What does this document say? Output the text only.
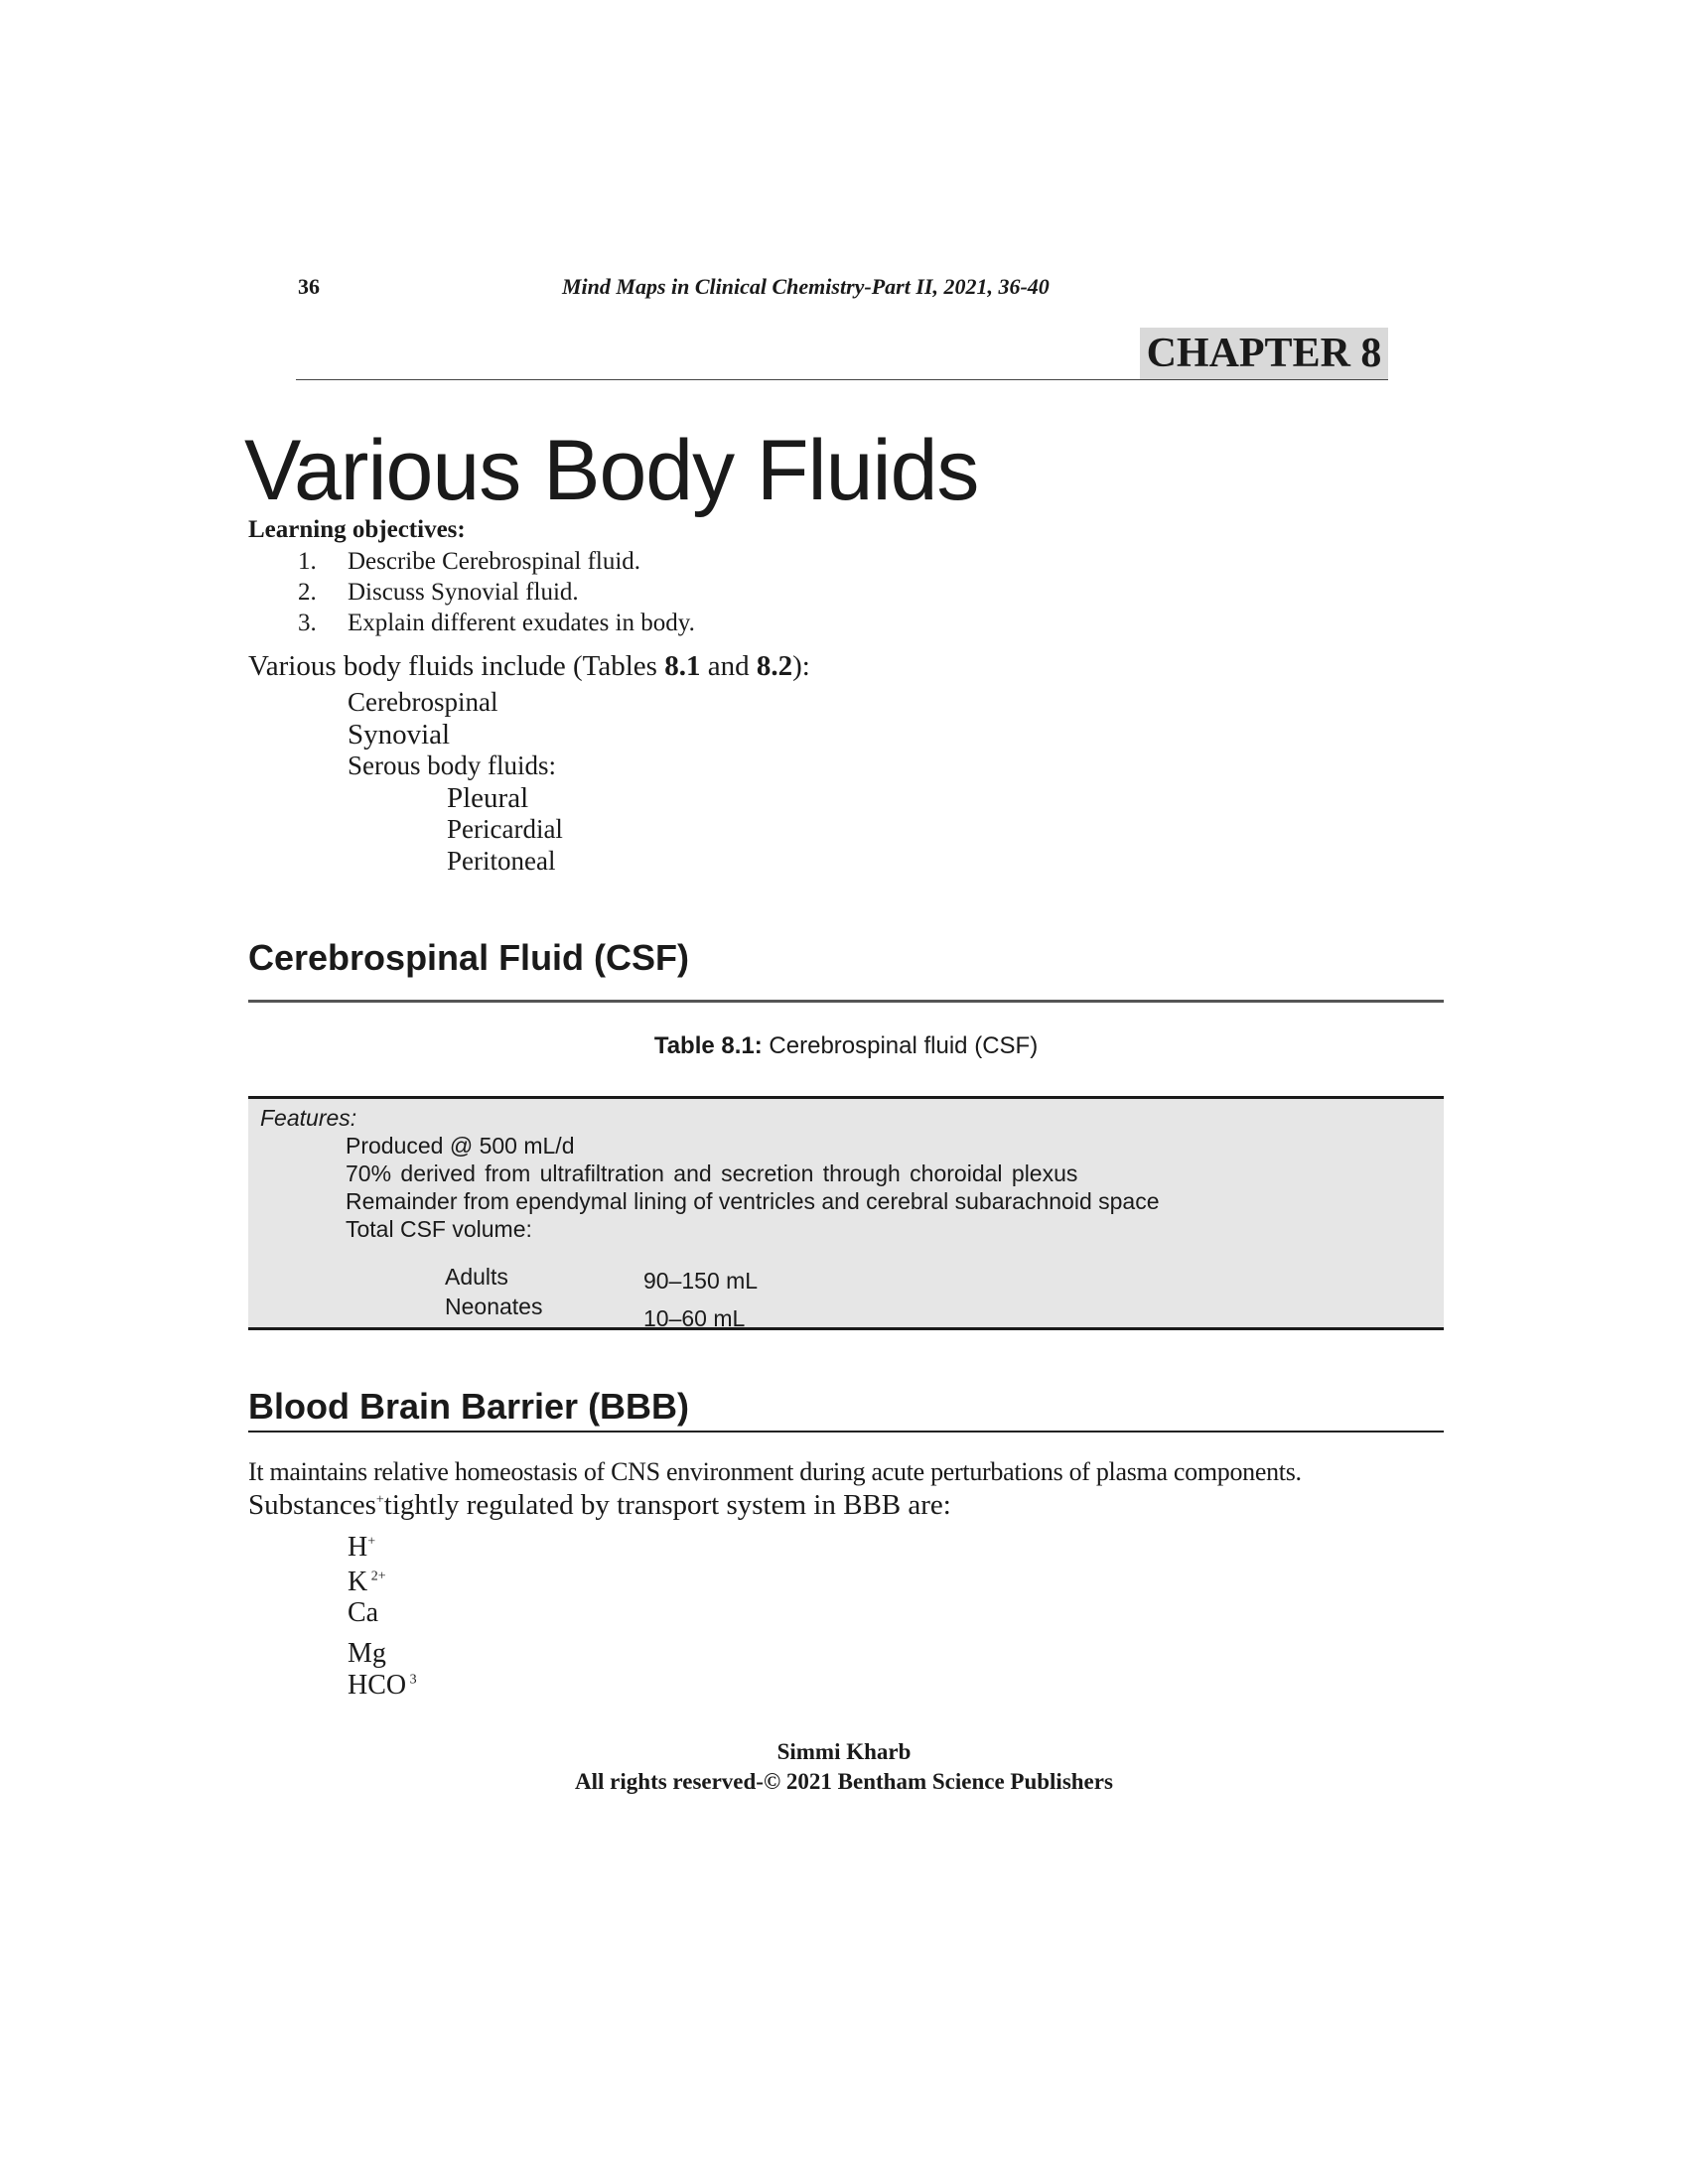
36	Mind Maps in Clinical Chemistry-Part II, 2021, 36-40
CHAPTER 8
Various Body Fluids
Learning objectives:
1. Describe Cerebrospinal fluid.
2. Discuss Synovial fluid.
3. Explain different exudates in body.
Various body fluids include (Tables 8.1 and 8.2):
Cerebrospinal
Synovial
Serous body fluids:
Pleural
Pericardial
Peritoneal
Cerebrospinal Fluid (CSF)
Table 8.1: Cerebrospinal fluid (CSF)
Features:
Produced @ 500 mL/d
70% derived from ultrafiltration and secretion through choroidal plexus
Remainder from ependymal lining of ventricles and cerebral subarachnoid space
Total CSF volume:
Adults	90–150 mL
Neonates	10–60 mL
Blood Brain Barrier (BBB)
It maintains relative homeostasis of CNS environment during acute perturbations of plasma components.
Substances+tightly regulated by transport system in BBB are:
H+
K $^{2+}$
Ca
Mg
HCO $^3$
Simmi Kharb
All rights reserved-© 2021 Bentham Science Publishers
